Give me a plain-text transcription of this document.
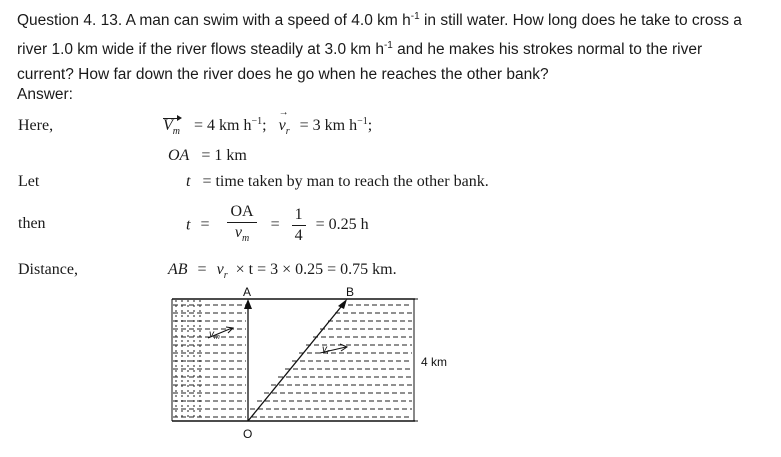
Question 4. 13. A man can swim with a speed of 4.0 km $h^{-1}$ in still water. How long does he take to cross a

river 1.0 km wide if the river flows steadily at 3.0 km $h^{-1}$ and he makes his strokes normal to the river

current? How far down the river does he go when he reaches the other bank?

Answer:
Here,	$V_m = 4$ km $h^{-1}$; $v_r$ → = 3 km $h^{-1}$;
OA = 1 km
Let	t = time taken by man to reach the other bank.
then	$t = \frac{OA}{v_m} = \frac{1}{4} = 0.25$ h
Distance,	AB = $v_r \times t = 3 \times 0.25 = 0.75$ km.
$v_m$
$v_r$
A	B
O
4 km
